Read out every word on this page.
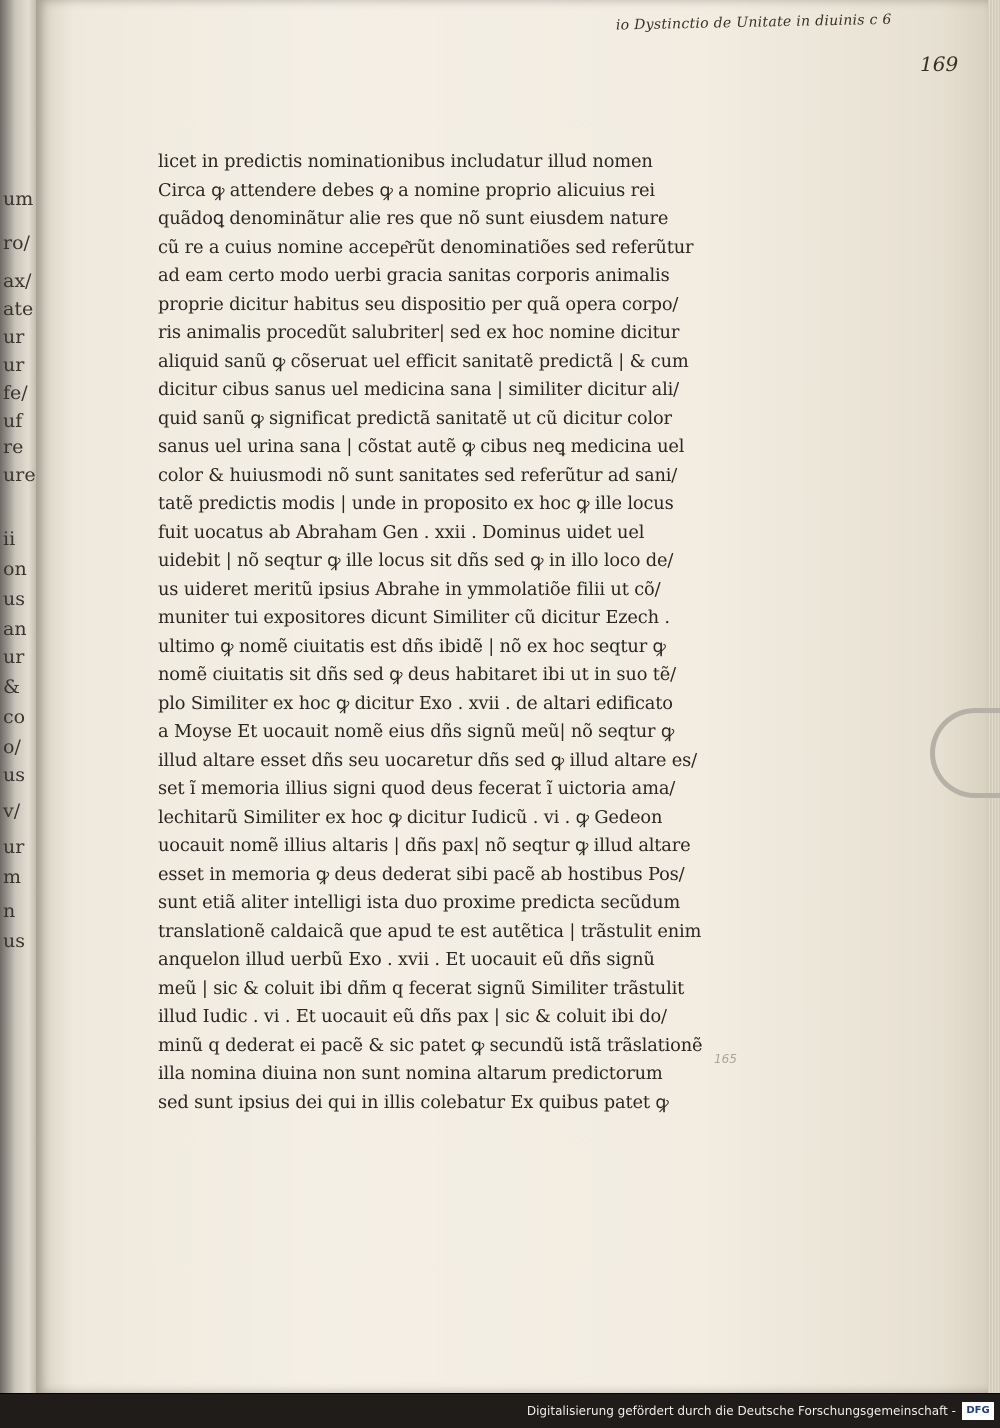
um
ro/
ax/
ate
ur
ur
fe/
uf
re
ure
ii
on
us
an
ur
&
co
o/
us
v/
ur
m
n
us
io Dystinctio de Unitate in diuinis c 6
169
licet in predictis nominationibus includatur illud nomen
Circa ꝙ attendere debes ꝙ a nomine proprio alicuius rei
quãdoꝗ denominãtur alie res que nõ sunt eiusdem nature
cũ re a cuius nomine accepe͂rũt denominatiões sed referũtur
ad eam certo modo uerbi gracia sanitas corporis animalis
proprie dicitur habitus seu dispositio per quã opera corpo/
ris animalis procedũt salubriter| sed ex hoc nomine dicitur
aliquid sanũ ꝙ cõseruat uel efficit sanitatẽ predictã | & cum
dicitur cibus sanus uel medicina sana | similiter dicitur ali/
quid sanũ ꝙ significat predictã sanitatẽ ut cũ dicitur color
sanus uel urina sana | cõstat autẽ ꝙ cibus neꝗ medicina uel
color & huiusmodi nõ sunt sanitates sed referũtur ad sani/
tatẽ predictis modis | unde in proposito ex hoc ꝙ ille locus
fuit uocatus ab Abraham Gen . xxii . Dominus uidet uel
uidebit | nõ seqtur ꝙ ille locus sit dñs sed ꝙ in illo loco de/
us uideret meritũ ipsius Abrahe in ymmolatiõe filii ut cõ/
muniter tui expositores dicunt Similiter cũ dicitur Ezech .
ultimo ꝙ nomẽ ciuitatis est dñs ibidẽ | nõ ex hoc seqtur ꝙ
nomẽ ciuitatis sit dñs sed ꝙ deus habitaret ibi ut in suo tẽ/
plo Similiter ex hoc ꝙ dicitur Exo . xvii . de altari edificato
a Moyse Et uocauit nomẽ eius dñs signũ meũ| nõ seqtur ꝙ
illud altare esset dñs seu uocaretur dñs sed ꝙ illud altare es/
set ĩ memoria illius signi quod deus fecerat ĩ uictoria ama/
lechitarũ Similiter ex hoc ꝙ dicitur Iudicũ . vi . ꝙ Gedeon
uocauit nomẽ illius altaris | dñs pax| nõ seqtur ꝙ illud altare
esset in memoria ꝙ deus dederat sibi pacẽ ab hostibus Pos/
sunt etiã aliter intelligi ista duo proxime predicta secũdum
translationẽ caldaicã que apud te est autẽtica | trãstulit enim
anquelon illud uerbũ Exo . xvii . Et uocauit eũ dñs signũ
meũ | sic & coluit ibi dñm q fecerat signũ Similiter trãstulit
illud Iudic . vi . Et uocauit eũ dñs pax | sic & coluit ibi do/
minũ q dederat ei pacẽ & sic patet ꝙ secundũ istã trãslationẽ
illa nomina diuina non sunt nomina altarum predictorum
sed sunt ipsius dei qui in illis colebatur Ex quibus patet ꝙ
165
Digitalisierung gefördert durch die Deutsche Forschungsgemeinschaft -	DFG
